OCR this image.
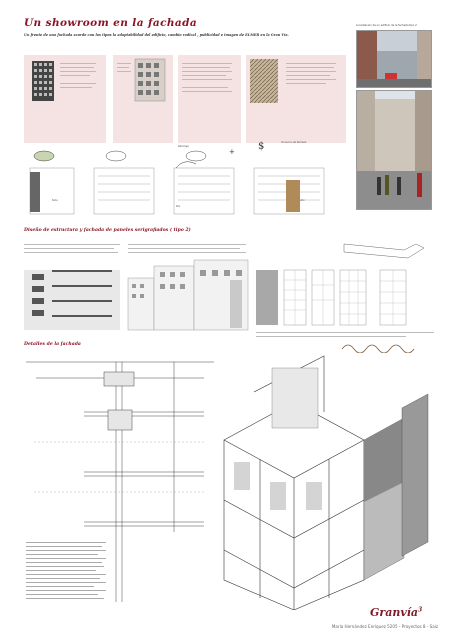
Un showroom en la fachada
Un frente de una fachada acorde con los tipos la adaptabilidad del edificio, cambio radical , publicidad e imagen de ELMER en la Gran Vía.
Localización de un edificio de la fachada tipo 2
Reciclaje
+ $	Consumo de fachada
Nota
Sta.
Año
Diseño de estructura y fachada de paneles serigrafiados ( tipo 2)
Detalles de la fachada
Granvía$^3$
María Hernández Enríquez 5205 - Proyectos 8 - Saiz
